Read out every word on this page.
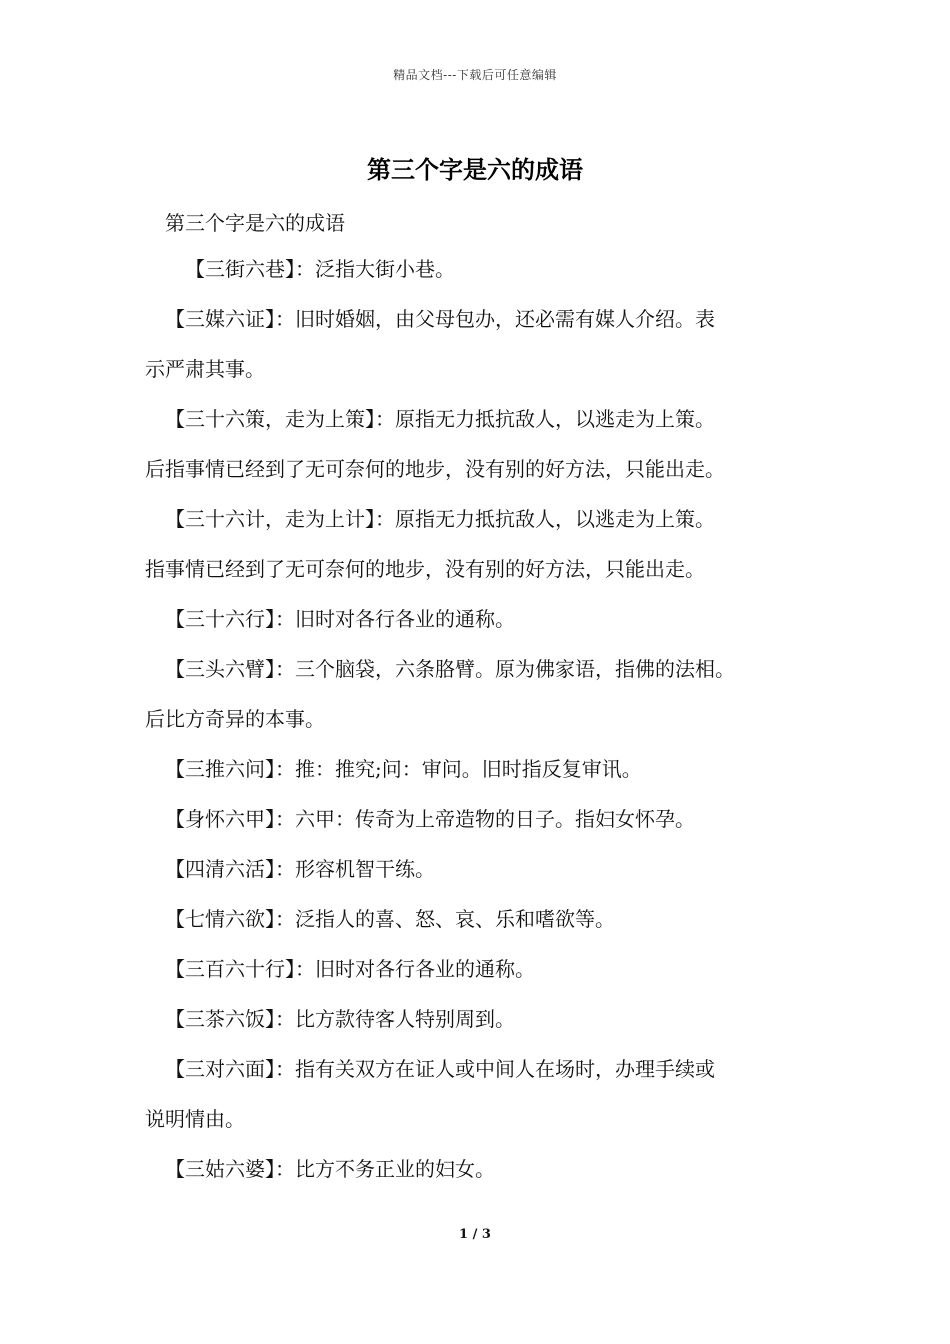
精品文档---下载后可任意编辑
第三个字是六的成语
第三个字是六的成语
【三街六巷】：泛指大街小巷。
【三媒六证】：旧时婚姻，由父母包办，还必需有媒人介绍。表
示严肃其事。
【三十六策，走为上策】：原指无力抵抗敌人，以逃走为上策。
后指事情已经到了无可奈何的地步，没有别的好方法，只能出走。
【三十六计，走为上计】：原指无力抵抗敌人，以逃走为上策。
指事情已经到了无可奈何的地步，没有别的好方法，只能出走。
【三十六行】：旧时对各行各业的通称。
【三头六臂】：三个脑袋，六条胳臂。原为佛家语，指佛的法相。
后比方奇异的本事。
【三推六问】：推：推究;问：审问。旧时指反复审讯。
【身怀六甲】：六甲：传奇为上帝造物的日子。指妇女怀孕。
【四清六活】：形容机智干练。
【七情六欲】：泛指人的喜、怒、哀、乐和嗜欲等。
【三百六十行】：旧时对各行各业的通称。
【三茶六饭】：比方款待客人特别周到。
【三对六面】：指有关双方在证人或中间人在场时，办理手续或
说明情由。
【三姑六婆】：比方不务正业的妇女。
1 / 3
